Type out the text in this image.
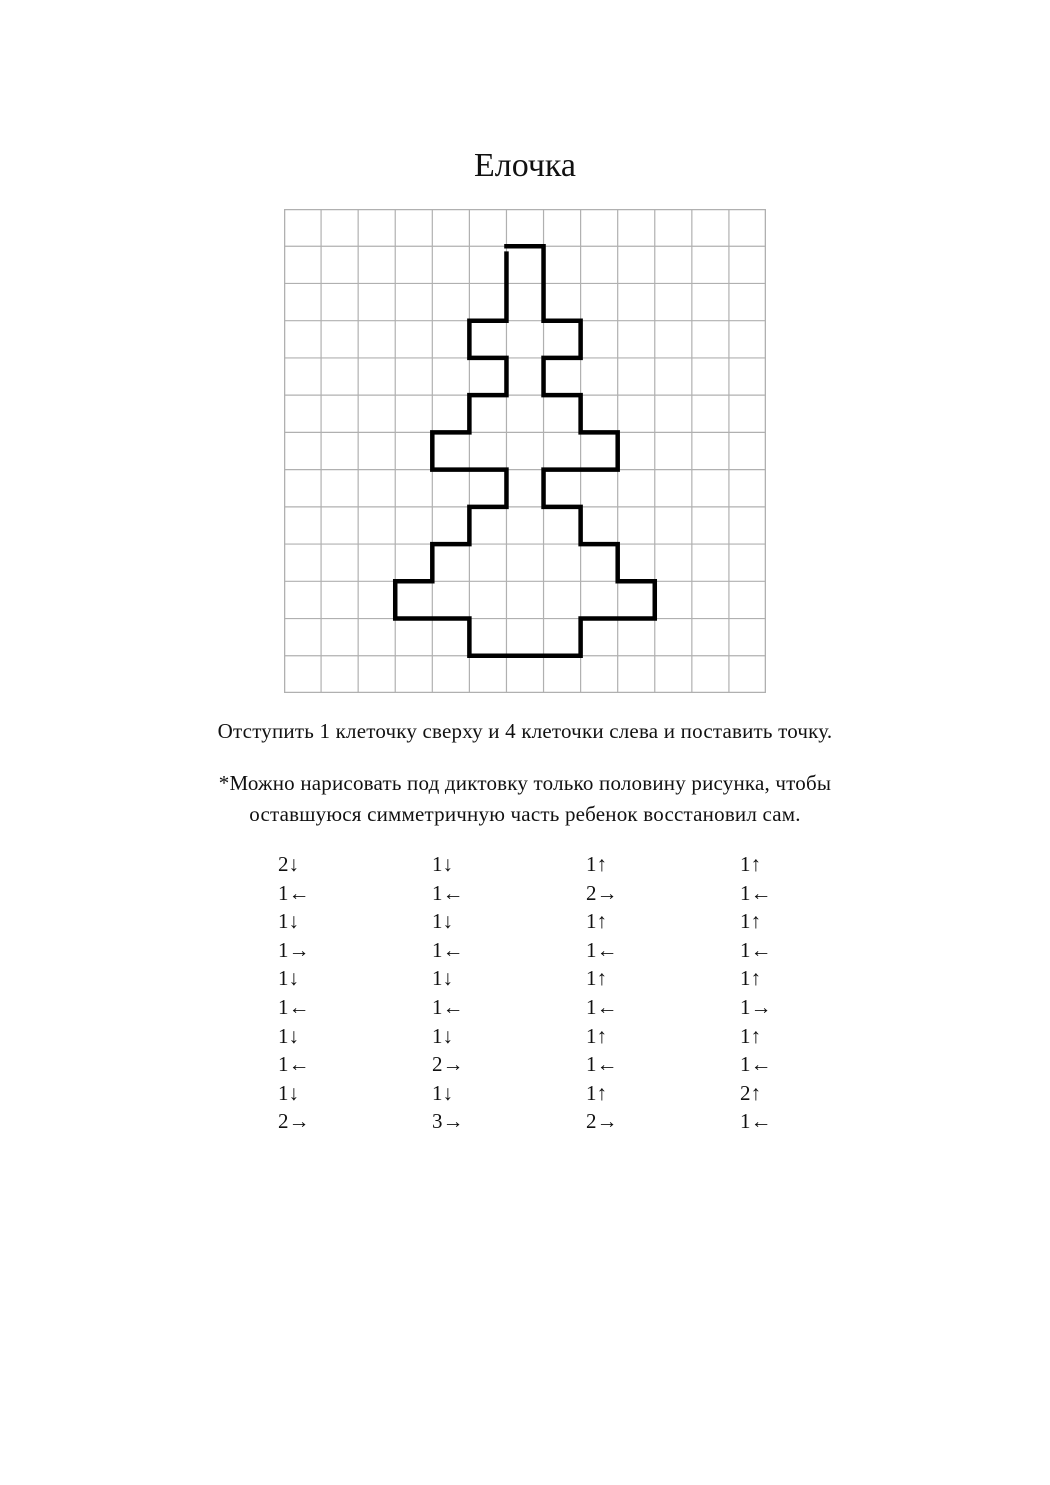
Елочка
Отступить 1 клеточку сверху и 4 клеточки слева и поставить точку.
*Можно нарисовать под диктовку только половину рисунка, чтобы
оставшуюся симметричную часть ребенок восстановил сам.
2↓
1←
1↓
1→
1↓
1←
1↓
1←
1↓
2→
1↓
1←
1↓
1←
1↓
1←
1↓
2→
1↓
3→
1↑
2→
1↑
1←
1↑
1←
1↑
1←
1↑
2→
1↑
1←
1↑
1←
1↑
1→
1↑
1←
2↑
1←
